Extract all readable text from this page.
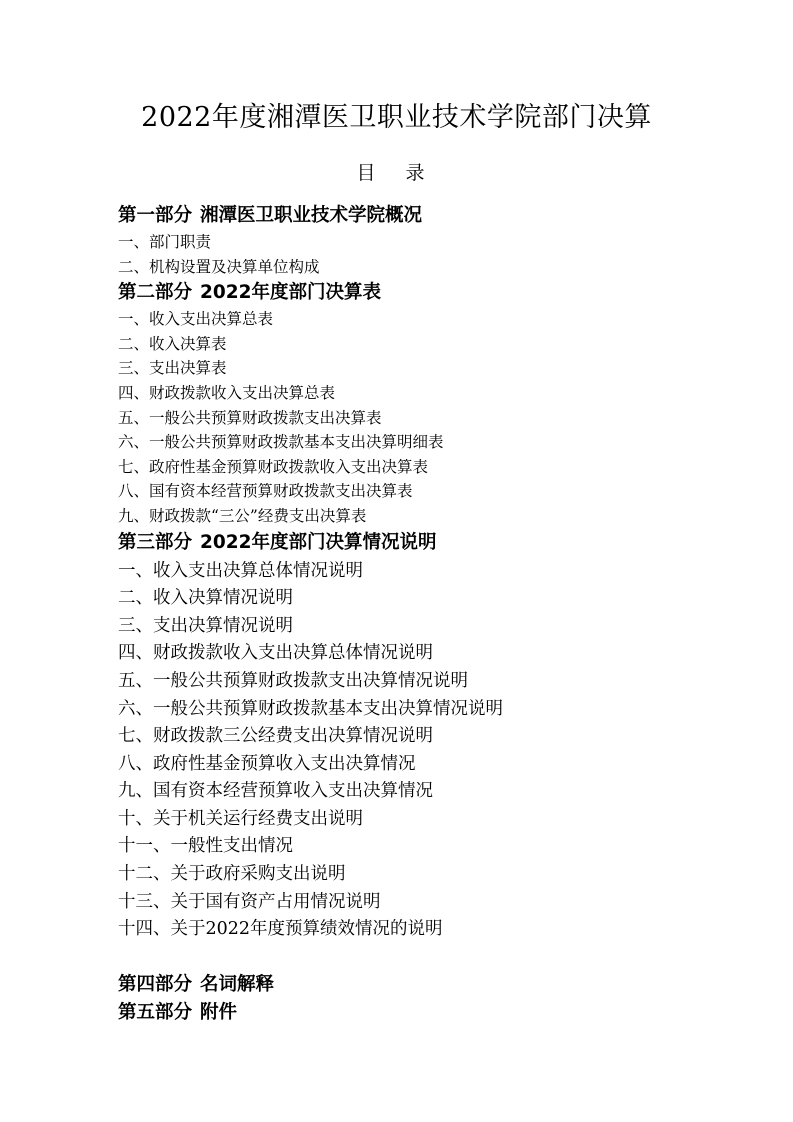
2022年度湘潭医卫职业技术学院部门决算
目 录
第一部分 湘潭医卫职业技术学院概况
一、部门职责
二、机构设置及决算单位构成
第二部分 2022年度部门决算表
一、收入支出决算总表
二、收入决算表
三、支出决算表
四、财政拨款收入支出决算总表
五、一般公共预算财政拨款支出决算表
六、一般公共预算财政拨款基本支出决算明细表
七、政府性基金预算财政拨款收入支出决算表
八、国有资本经营预算财政拨款支出决算表
九、财政拨款“三公”经费支出决算表
第三部分 2022年度部门决算情况说明
一、收入支出决算总体情况说明
二、收入决算情况说明
三、支出决算情况说明
四、财政拨款收入支出决算总体情况说明
五、一般公共预算财政拨款支出决算情况说明
六、一般公共预算财政拨款基本支出决算情况说明
七、财政拨款三公经费支出决算情况说明
八、政府性基金预算收入支出决算情况
九、国有资本经营预算收入支出决算情况
十、关于机关运行经费支出说明
十一、一般性支出情况
十二、关于政府采购支出说明
十三、关于国有资产占用情况说明
十四、关于2022年度预算绩效情况的说明
第四部分 名词解释
第五部分 附件
